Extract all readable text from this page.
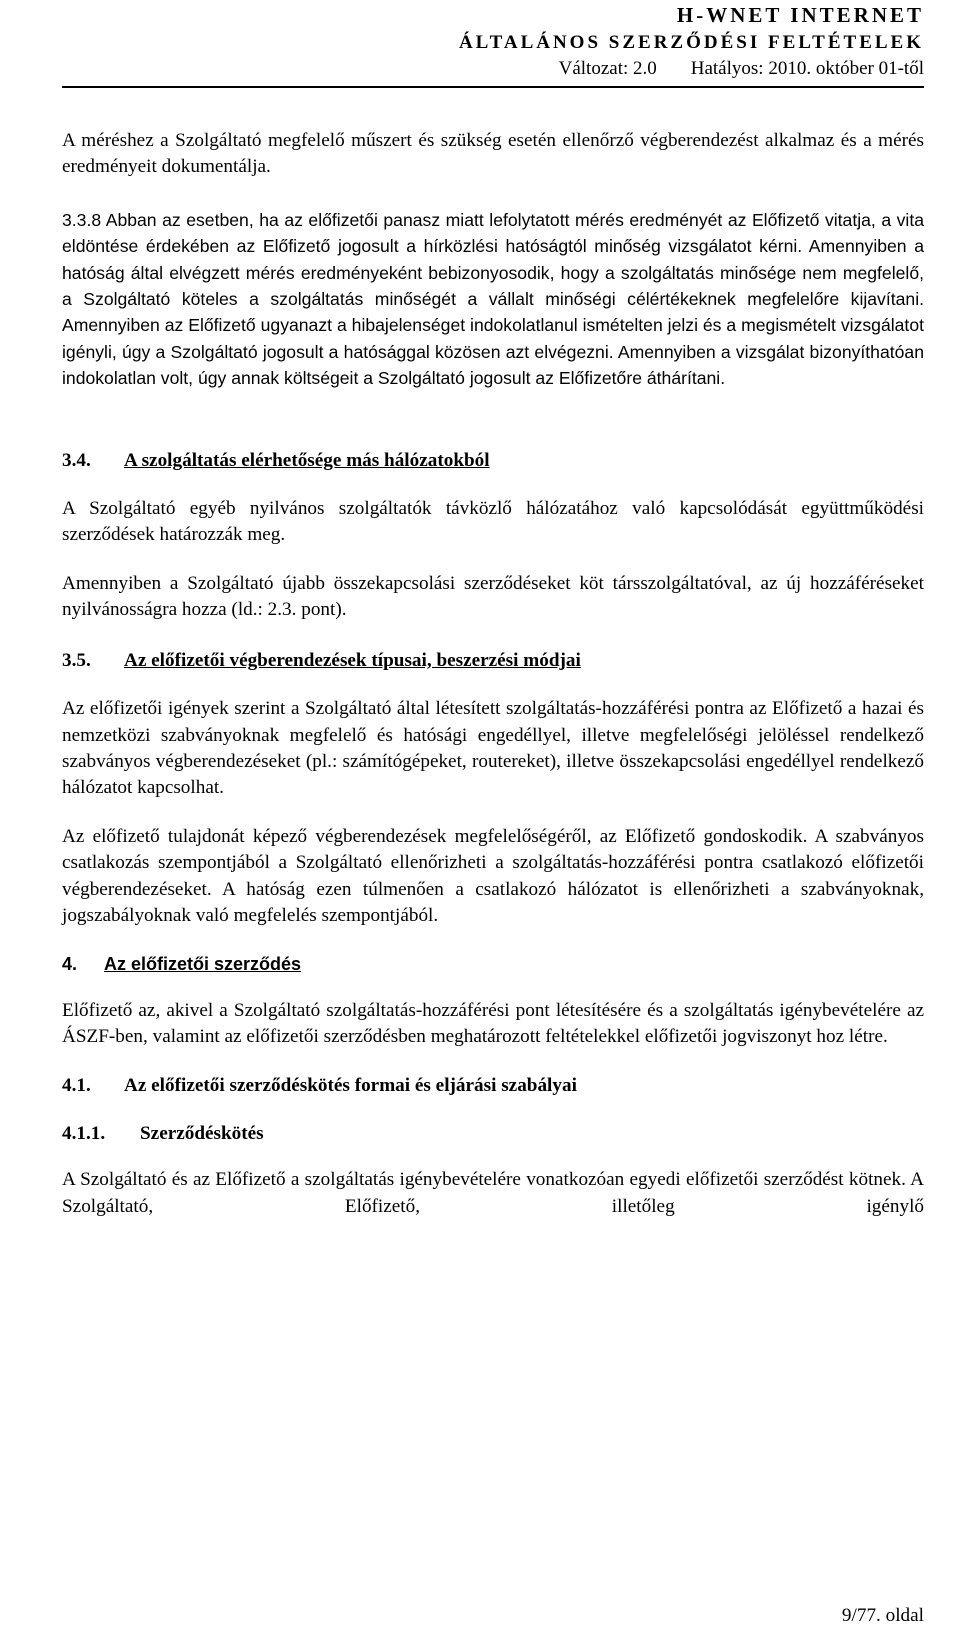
H-WNET INTERNET
ÁLTALÁNOS SZERZŐDÉSI FELTÉTELEK
Változat: 2.0 Hatályos: 2010. október 01-től

A méréshez a Szolgáltató megfelelő műszert és szükség esetén ellenőrző végberendezést alkalmaz és a mérés eredményeit dokumentálja.

3.3.8 Abban az esetben, ha az előfizetői panasz miatt lefolytatott mérés eredményét az Előfizető vitatja, a vita eldöntése érdekében az Előfizető jogosult a hírközlési hatóságtól minőség vizsgálatot kérni. Amennyiben a hatóság által elvégzett mérés eredményeként bebizonyosodik, hogy a szolgáltatás minősége nem megfelelő, a Szolgáltató köteles a szolgáltatás minőségét a vállalt minőségi célértékeknek megfelelőre kijavítani. Amennyiben az Előfizető ugyanazt a hibajelenséget indokolatlanul ismételten jelzi és a megismételt vizsgálatot igényli, úgy a Szolgáltató jogosult a hatósággal közösen azt elvégezni. Amennyiben a vizsgálat bizonyíthatóan indokolatlan volt, úgy annak költségeit a Szolgáltató jogosult az Előfizetőre áthárítani.

3.4.	A szolgáltatás elérhetősége más hálózatokból

A Szolgáltató egyéb nyilvános szolgáltatók távközlő hálózatához való kapcsolódását együttműködési szerződések határozzák meg.

Amennyiben a Szolgáltató újabb összekapcsolási szerződéseket köt társszolgáltatóval, az új hozzáféréseket nyilvánosságra hozza (ld.: 2.3. pont).

3.5.	Az előfizetői végberendezések típusai, beszerzési módjai

Az előfizetői igények szerint a Szolgáltató által létesített szolgáltatás-hozzáférési pontra az Előfizető a hazai és nemzetközi szabványoknak megfelelő és hatósági engedéllyel, illetve megfelelőségi jelöléssel rendelkező szabványos végberendezéseket (pl.: számítógépeket, routereket), illetve összekapcsolási engedéllyel rendelkező hálózatot kapcsolhat.

Az előfizető tulajdonát képező végberendezések megfelelőségéről, az Előfizető gondoskodik. A szabványos csatlakozás szempontjából a Szolgáltató ellenőrizheti a szolgáltatás-hozzáférési pontra csatlakozó előfizetői végberendezéseket. A hatóság ezen túlmenően a csatlakozó hálózatot is ellenőrizheti a szabványoknak, jogszabályoknak való megfelelés szempontjából.

4.	Az előfizetői szerződés

Előfizető az, akivel a Szolgáltató szolgáltatás-hozzáférési pont létesítésére és a szolgáltatás igénybevételére az ÁSZF-ben, valamint az előfizetői szerződésben meghatározott feltételekkel előfizetői jogviszonyt hoz létre.

4.1.	Az előfizetői szerződéskötés formai és eljárási szabályai
4.1.1.	Szerződéskötés

A Szolgáltató és az Előfizető a szolgáltatás igénybevételére vonatkozóan egyedi előfizetői szerződést kötnek. A Szolgáltató, Előfizető, illetőleg igénylő

9/77. oldal
